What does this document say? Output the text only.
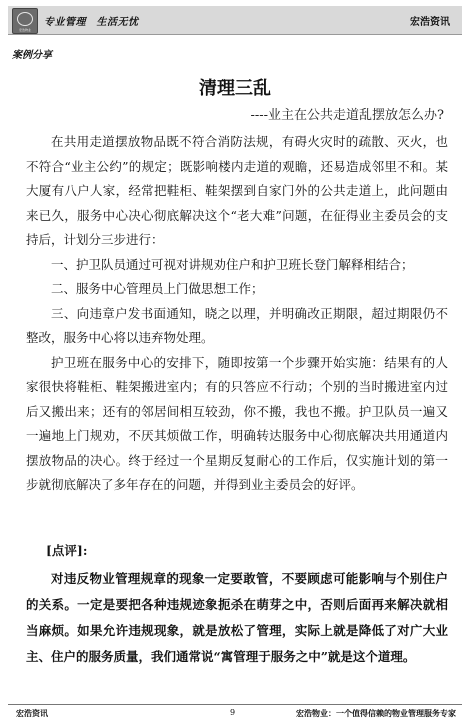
宏浩物业
专业管理　生活无忧	宏浩资讯
案例分享
清理三乱
----业主在公共走道乱摆放怎么办?

在共用走道摆放物品既不符合消防法规，有碍火灾时的疏散、灭火，也不符合“业主公约”的规定；既影响楼内走道的观瞻，还易造成邻里不和。某大厦有八户人家，经常把鞋柜、鞋架摆到自家门外的公共走道上，此问题由来已久，服务中心决心彻底解决这个“老大难”问题，在征得业主委员会的支持后，计划分三步进行：

一、护卫队员通过可视对讲规劝住户和护卫班长登门解释相结合；

二、服务中心管理员上门做思想工作；

三、向违章户发书面通知，晓之以理，并明确改正期限，超过期限仍不整改，服务中心将以违弃物处理。

护卫班在服务中心的安排下，随即按第一个步骤开始实施：结果有的人家很快将鞋柜、鞋架搬进室内；有的只答应不行动；个别的当时搬进室内过后又搬出来；还有的邻居间相互较劲，你不搬，我也不搬。护卫队员一遍又一遍地上门规劝，不厌其烦做工作，明确转达服务中心彻底解决共用通道内摆放物品的决心。终于经过一个星期反复耐心的工作后，仅实施计划的第一步就彻底解决了多年存在的问题，并得到业主委员会的好评。

[点评]:

对违反物业管理规章的现象一定要敢管，不要顾虑可能影响与个别住户的关系。一定是要把各种违规迹象扼杀在萌芽之中，否则后面再来解决就相当麻烦。如果允许违规现象，就是放松了管理，实际上就是降低了对广大业主、住户的服务质量，我们通常说“寓管理于服务之中”就是这个道理。

宏浩资讯	9	宏浩物业：一个值得信赖的物业管理服务专家
